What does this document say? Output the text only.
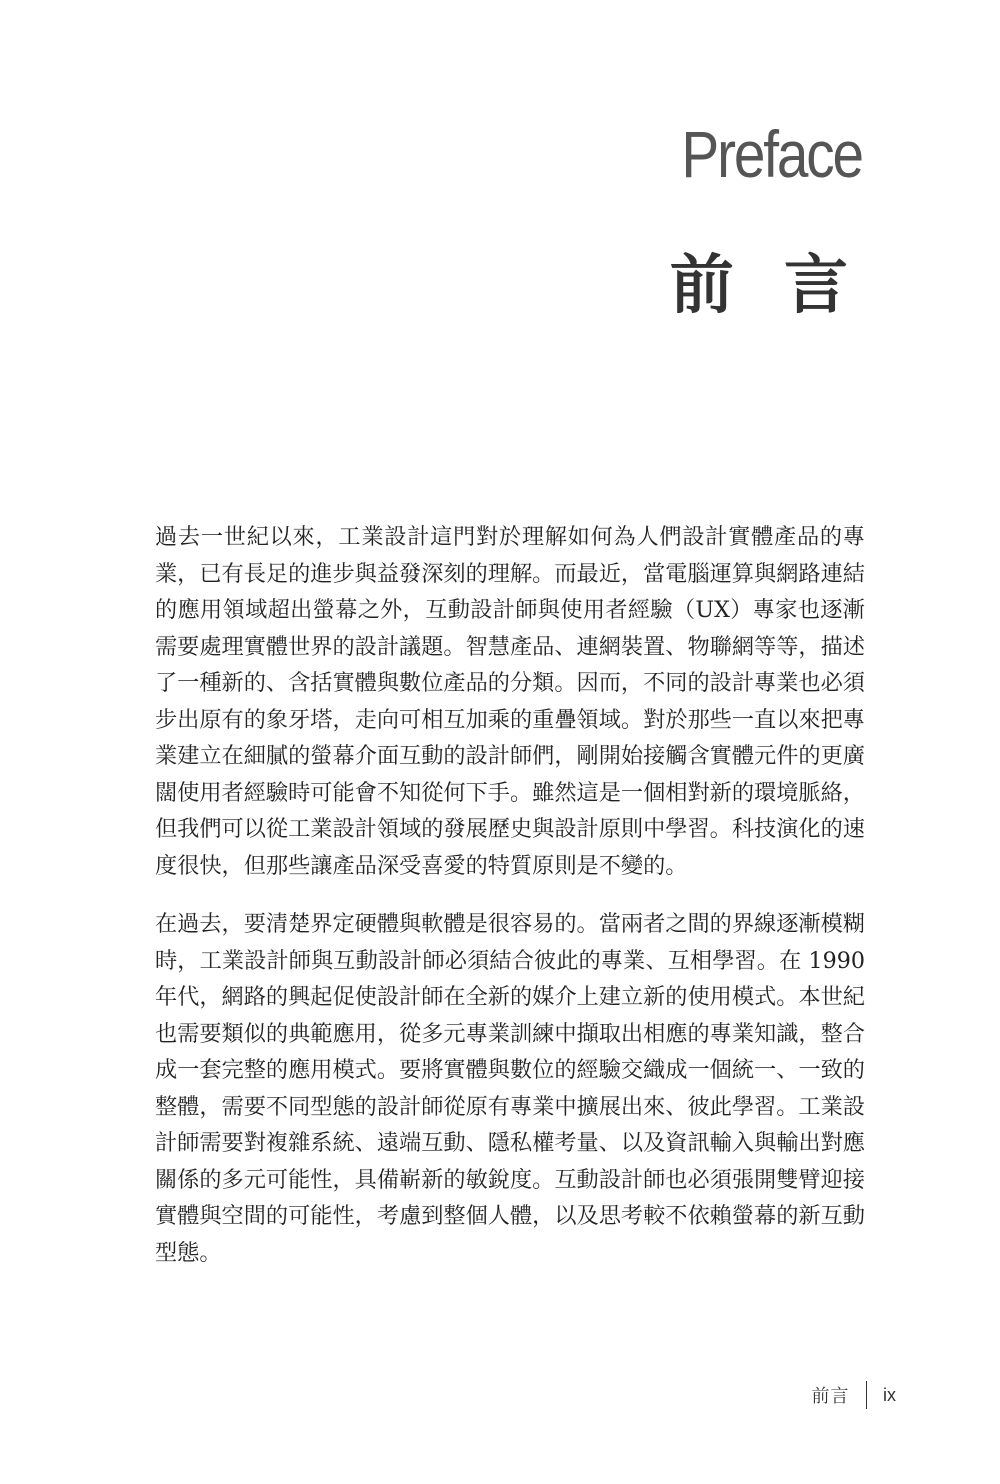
Preface
前 言

過去一世紀以來，工業設計這門對於理解如何為人們設計實體產品的專業，已有長足的進步與益發深刻的理解。而最近，當電腦運算與網路連結的應用領域超出螢幕之外，互動設計師與使用者經驗（UX）專家也逐漸需要處理實體世界的設計議題。智慧產品、連網裝置、物聯網等等，描述了一種新的、含括實體與數位產品的分類。因而，不同的設計專業也必須步出原有的象牙塔，走向可相互加乘的重疊領域。對於那些一直以來把專業建立在細膩的螢幕介面互動的設計師們，剛開始接觸含實體元件的更廣闊使用者經驗時可能會不知從何下手。雖然這是一個相對新的環境脈絡，但我們可以從工業設計領域的發展歷史與設計原則中學習。科技演化的速度很快，但那些讓產品深受喜愛的特質原則是不變的。

在過去，要清楚界定硬體與軟體是很容易的。當兩者之間的界線逐漸模糊時，工業設計師與互動設計師必須結合彼此的專業、互相學習。在 1990 年代，網路的興起促使設計師在全新的媒介上建立新的使用模式。本世紀也需要類似的典範應用，從多元專業訓練中擷取出相應的專業知識，整合成一套完整的應用模式。要將實體與數位的經驗交織成一個統一、一致的整體，需要不同型態的設計師從原有專業中擴展出來、彼此學習。工業設計師需要對複雜系統、遠端互動、隱私權考量、以及資訊輸入與輸出對應關係的多元可能性，具備嶄新的敏銳度。互動設計師也必須張開雙臂迎接實體與空間的可能性，考慮到整個人體，以及思考較不依賴螢幕的新互動型態。

前言 ix
